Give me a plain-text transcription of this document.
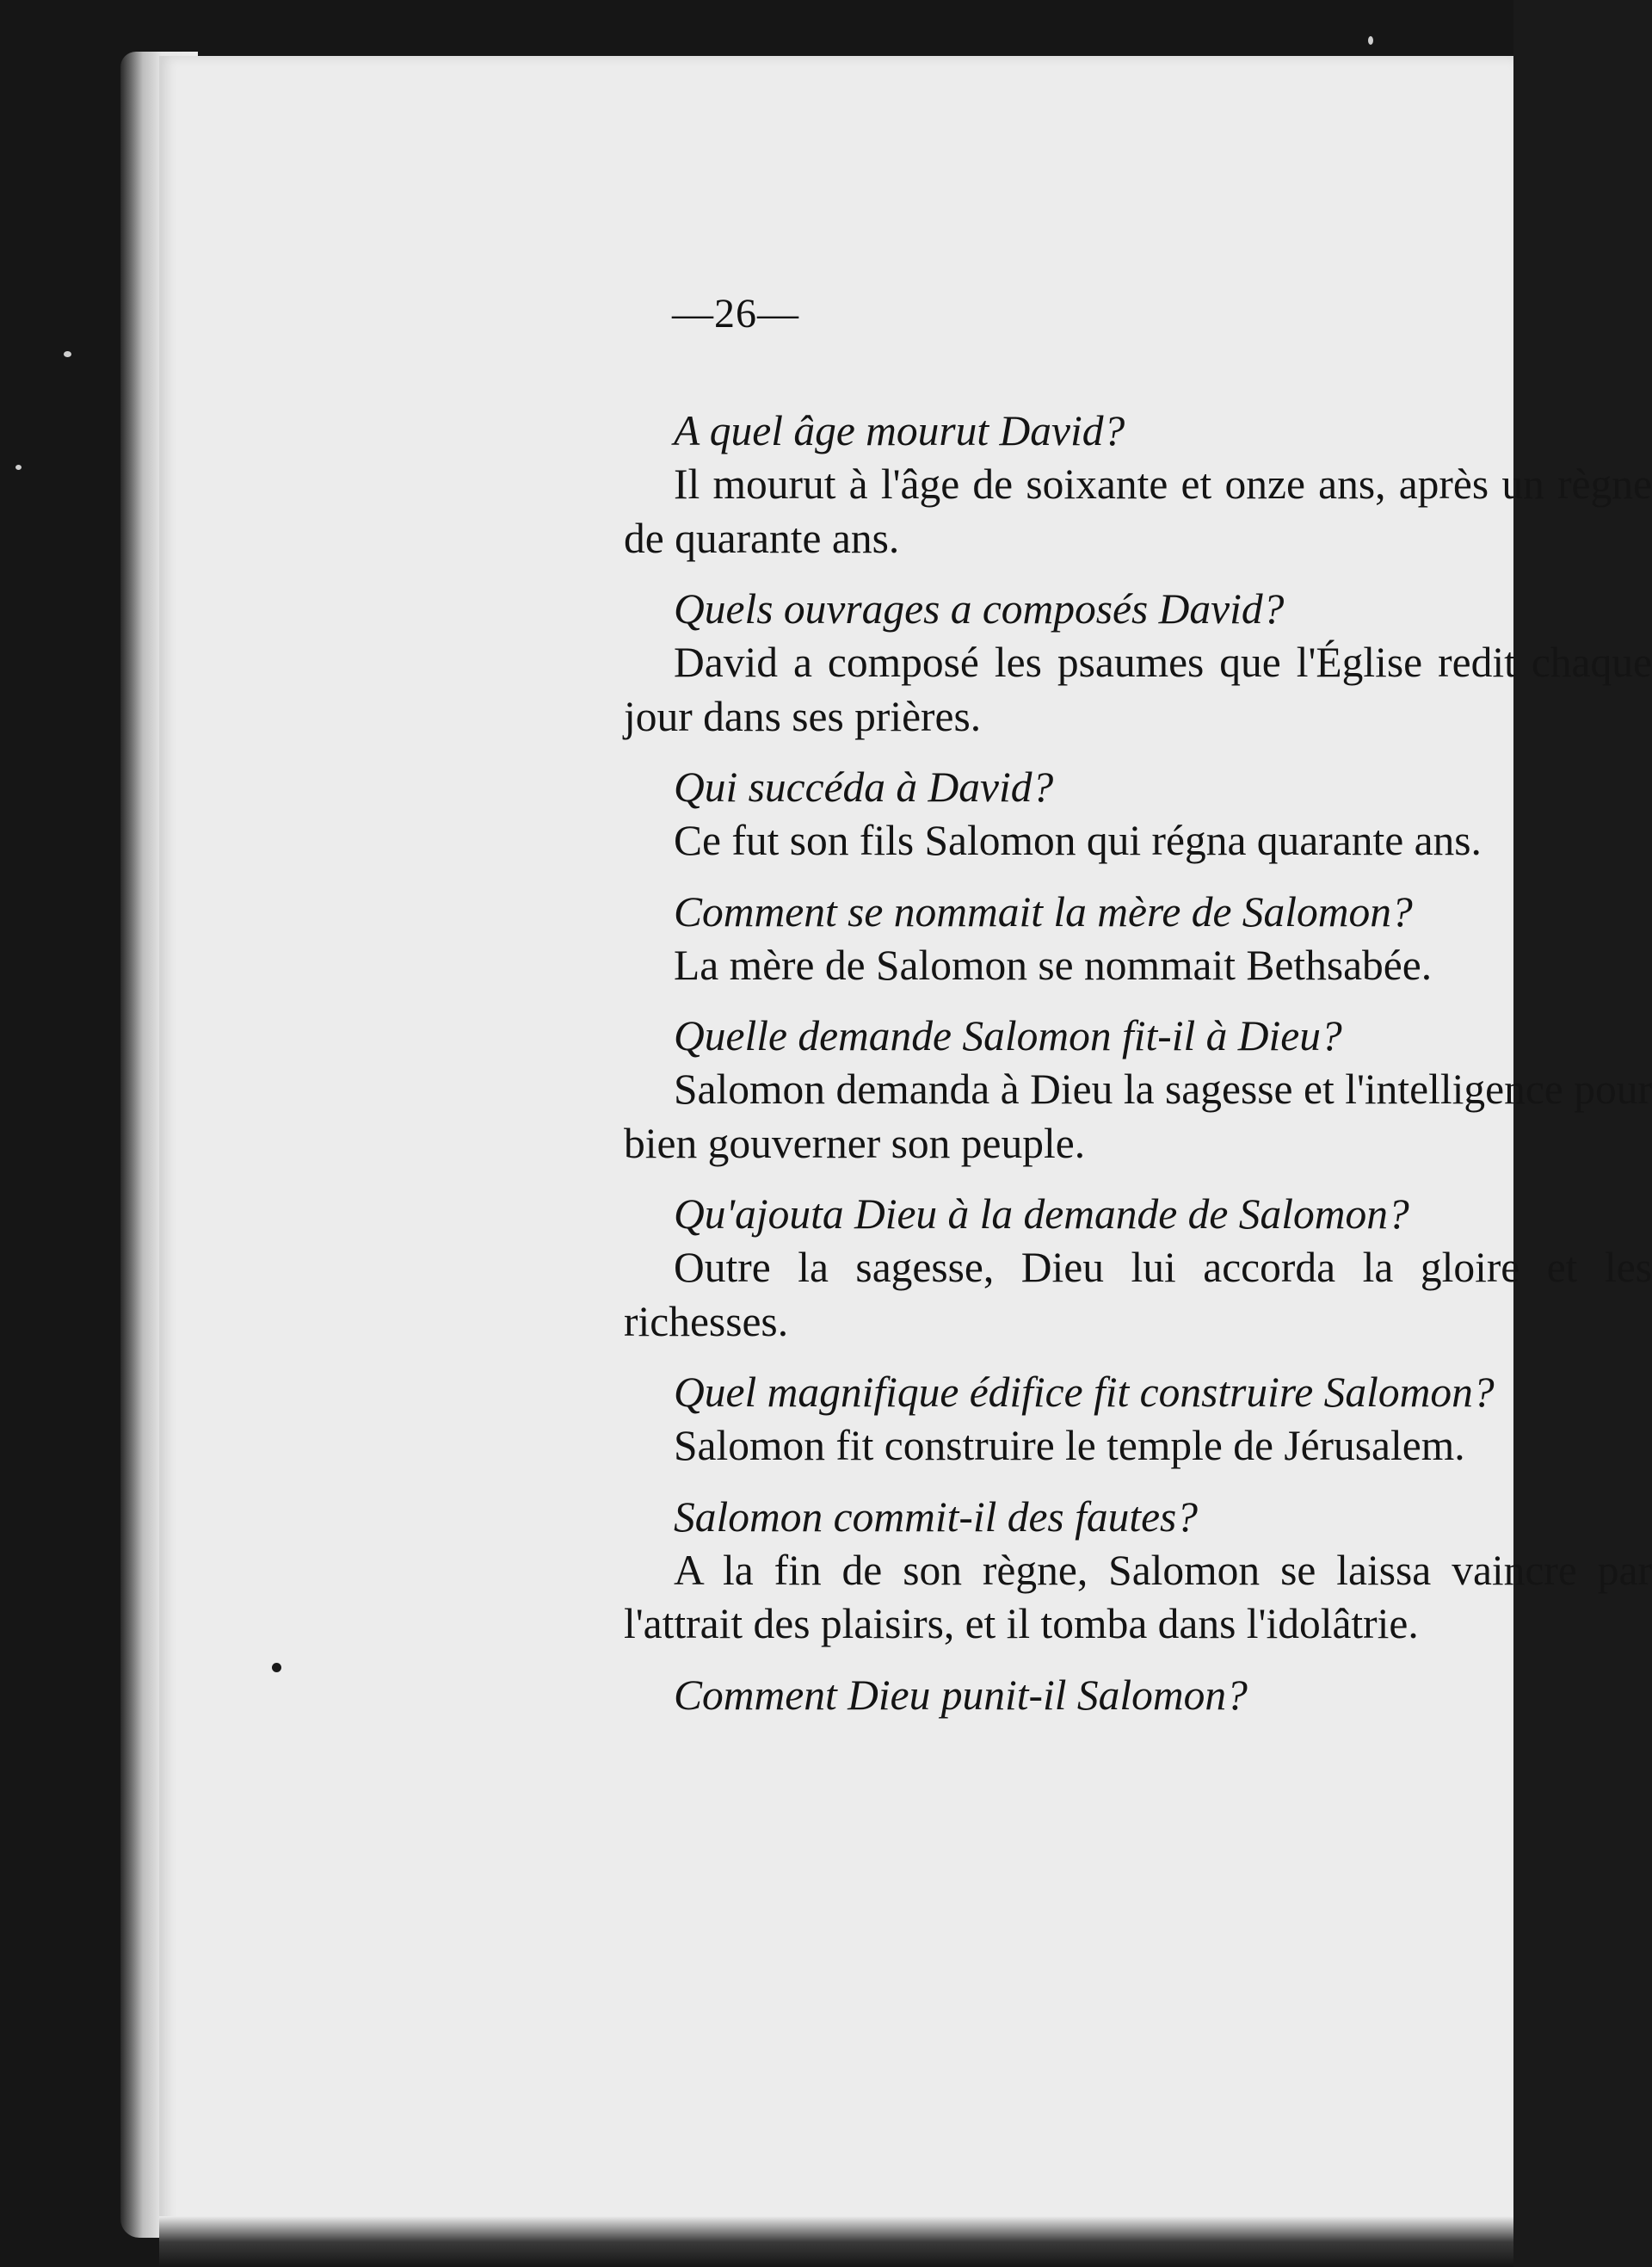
—26—

A quel âge mourut David?

Il mourut à l'âge de soixante et onze ans, après un règne de quarante ans.

Quels ouvrages a composés David?

David a composé les psaumes que l'Église redit chaque jour dans ses prières.

Qui succéda à David?

Ce fut son fils Salomon qui régna quarante ans.

Comment se nommait la mère de Salomon?

La mère de Salomon se nommait Bethsabée.

Quelle demande Salomon fit-il à Dieu?

Salomon demanda à Dieu la sagesse et l'intelligence pour bien gouverner son peuple.

Qu'ajouta Dieu à la demande de Salomon?

Outre la sagesse, Dieu lui accorda la gloire et les richesses.

Quel magnifique édifice fit construire Salomon?

Salomon fit construire le temple de Jérusalem.

Salomon commit-il des fautes?

A la fin de son règne, Salomon se laissa vaincre par l'attrait des plaisirs, et il tomba dans l'idolâtrie.

Comment Dieu punit-il Salomon?
